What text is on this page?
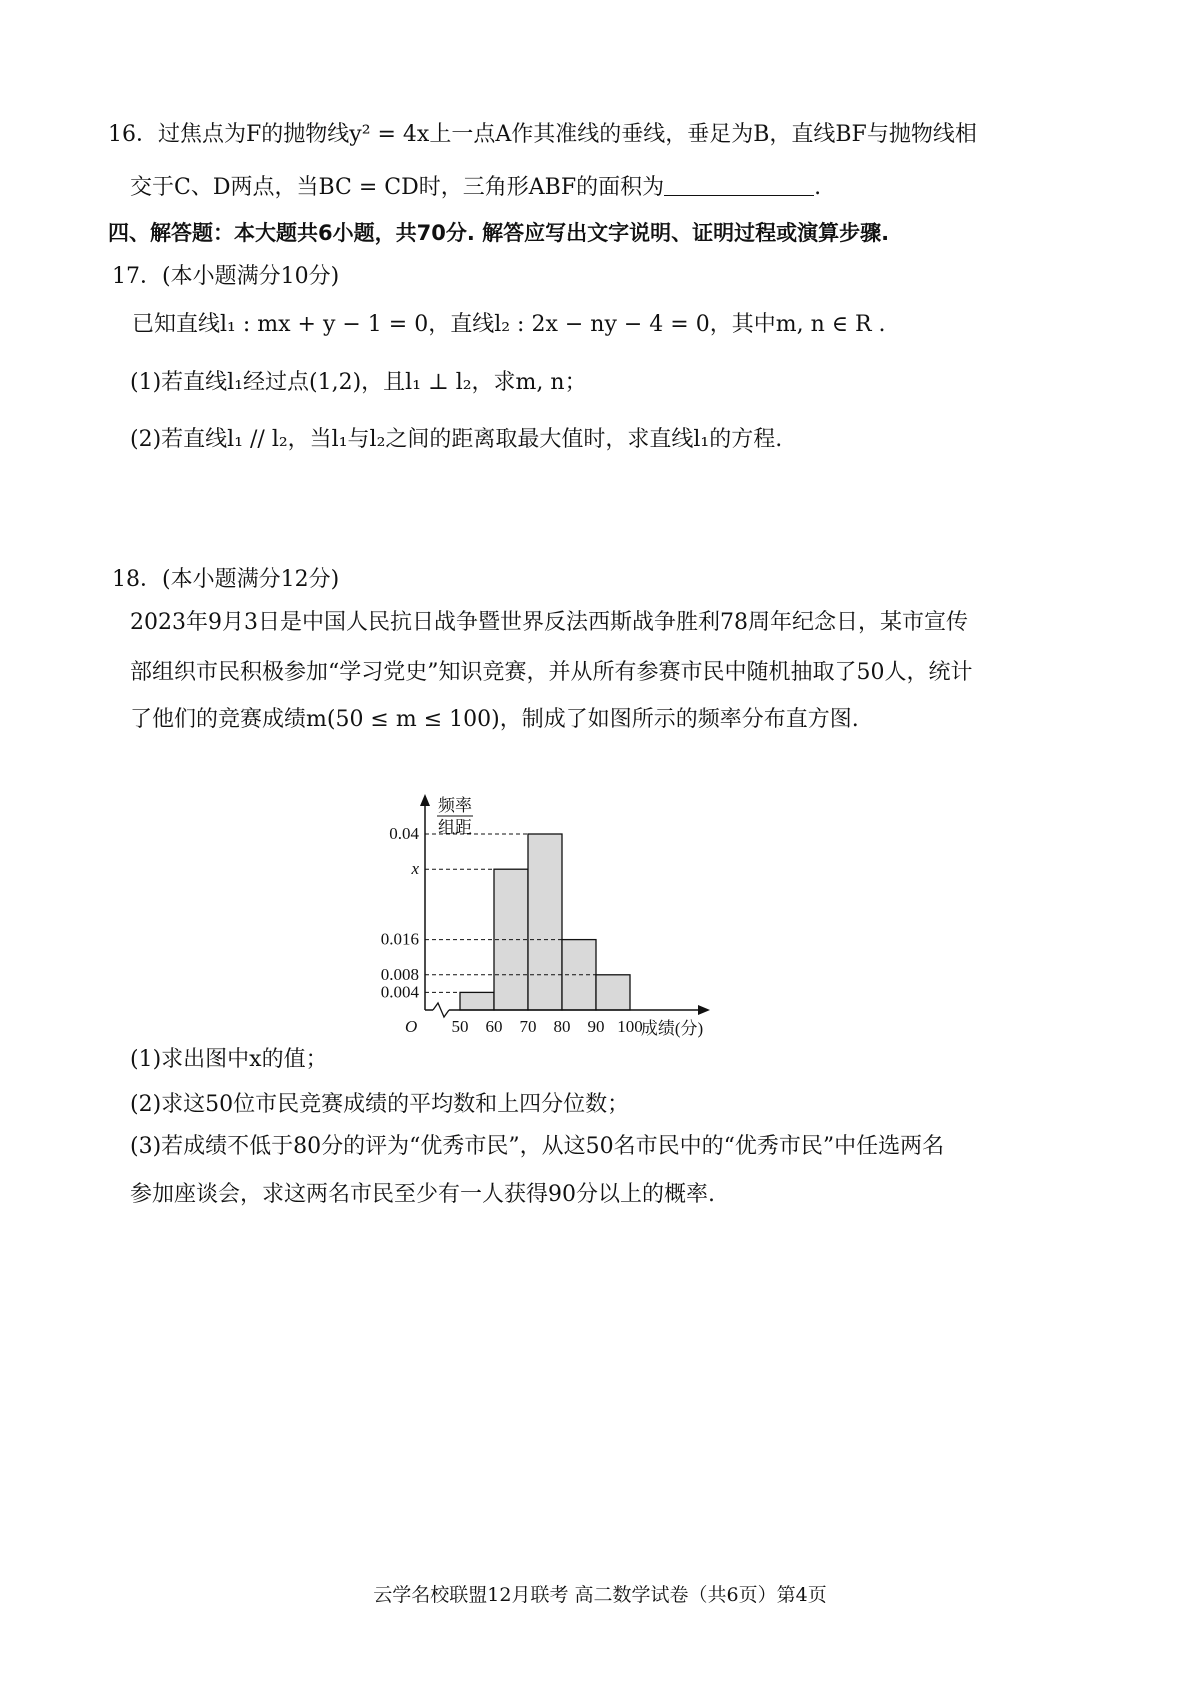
16．过焦点为F的抛物线y² = 4x上一点A作其准线的垂线，垂足为B，直线BF与抛物线相
交于C、D两点，当BC = CD时，三角形ABF的面积为	.
四、解答题：本大题共6小题，共70分. 解答应写出文字说明、证明过程或演算步骤.
17．(本小题满分10分)
已知直线l₁ : mx + y − 1 = 0，直线l₂ : 2x − ny − 4 = 0，其中m, n ∈ R .
(1)若直线l₁经过点(1,2)，且l₁ ⊥ l₂，求m, n；
(2)若直线l₁ // l₂，当l₁与l₂之间的距离取最大值时，求直线l₁的方程.
18．(本小题满分12分)
2023年9月3日是中国人民抗日战争暨世界反法西斯战争胜利78周年纪念日，某市宣传
部组织市民积极参加“学习党史”知识竞赛，并从所有参赛市民中随机抽取了50人，统计
了他们的竞赛成绩m(50 ≤ m ≤ 100)，制成了如图所示的频率分布直方图.
0.004
0.008
0.016
x
0.04
50 60 70 80 90 100
O	成绩(分)
频率
组距
(1)求出图中x的值；
(2)求这50位市民竞赛成绩的平均数和上四分位数；
(3)若成绩不低于80分的评为“优秀市民”，从这50名市民中的“优秀市民”中任选两名
参加座谈会，求这两名市民至少有一人获得90分以上的概率.
云学名校联盟12月联考 高二数学试卷（共6页）第4页
